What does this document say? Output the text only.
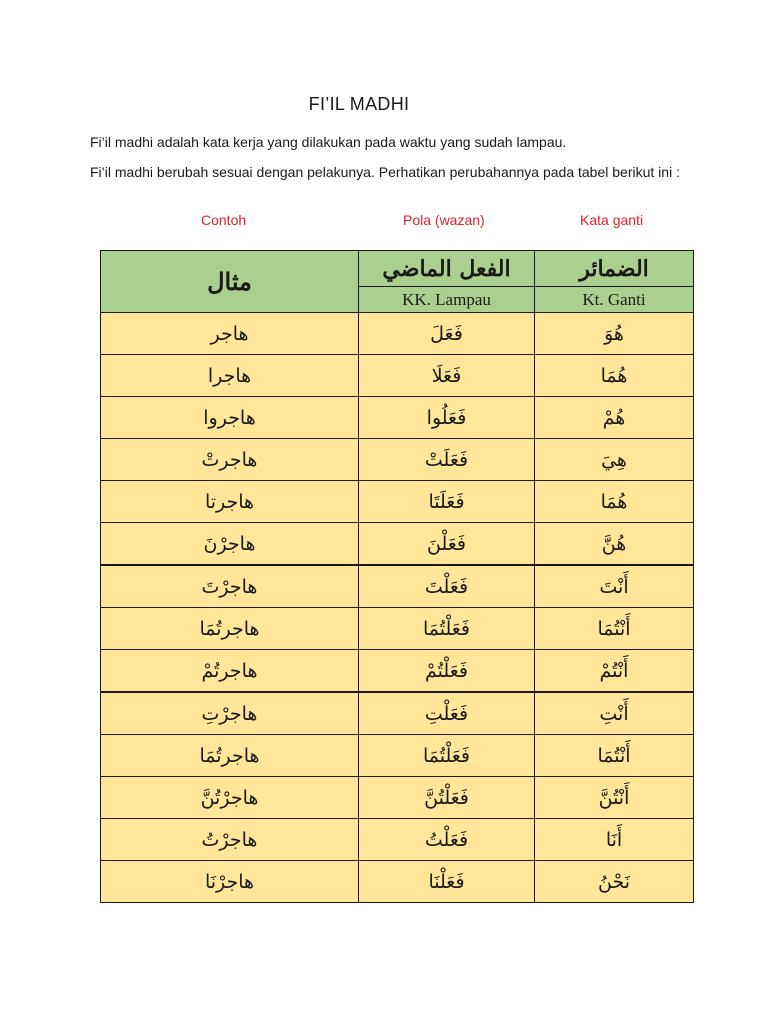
FI’IL MADHI
Fi’il madhi adalah kata kerja yang dilakukan pada waktu yang sudah lampau.
Fi’il madhi berubah sesuai dengan pelakunya. Perhatikan perubahannya pada tabel berikut ini :
Contoh	Pola (wazan)	Kata ganti
مثال	الفعل الماضي	الضمائر
	KK. Lampau	Kt. Ganti
هاجر	فَعَلَ	هُوَ
هاجرا	فَعَلَا	هُمَا
هاجروا	فَعَلُوا	هُمْ
هاجرتْ	فَعَلَتْ	هِيَ
هاجرتا	فَعَلَتَا	هُمَا
هاجرْنَ	فَعَلْنَ	هُنَّ
هاجرْتَ	فَعَلْتَ	أَنْتَ
هاجرتُمَا	فَعَلْتُمَا	أَنْتُمَا
هاجرتُمْ	فَعَلْتُمْ	أَنْتُمْ
هاجرْتِ	فَعَلْتِ	أَنْتِ
هاجرتُمَا	فَعَلْتُمَا	أَنْتُمَا
هاجرْتُنَّ	فَعَلْتُنَّ	أَنْتُنَّ
هاجرْتُ	فَعَلْتُ	أَنَا
هاجرْنَا	فَعَلْنَا	نَحْنُ
